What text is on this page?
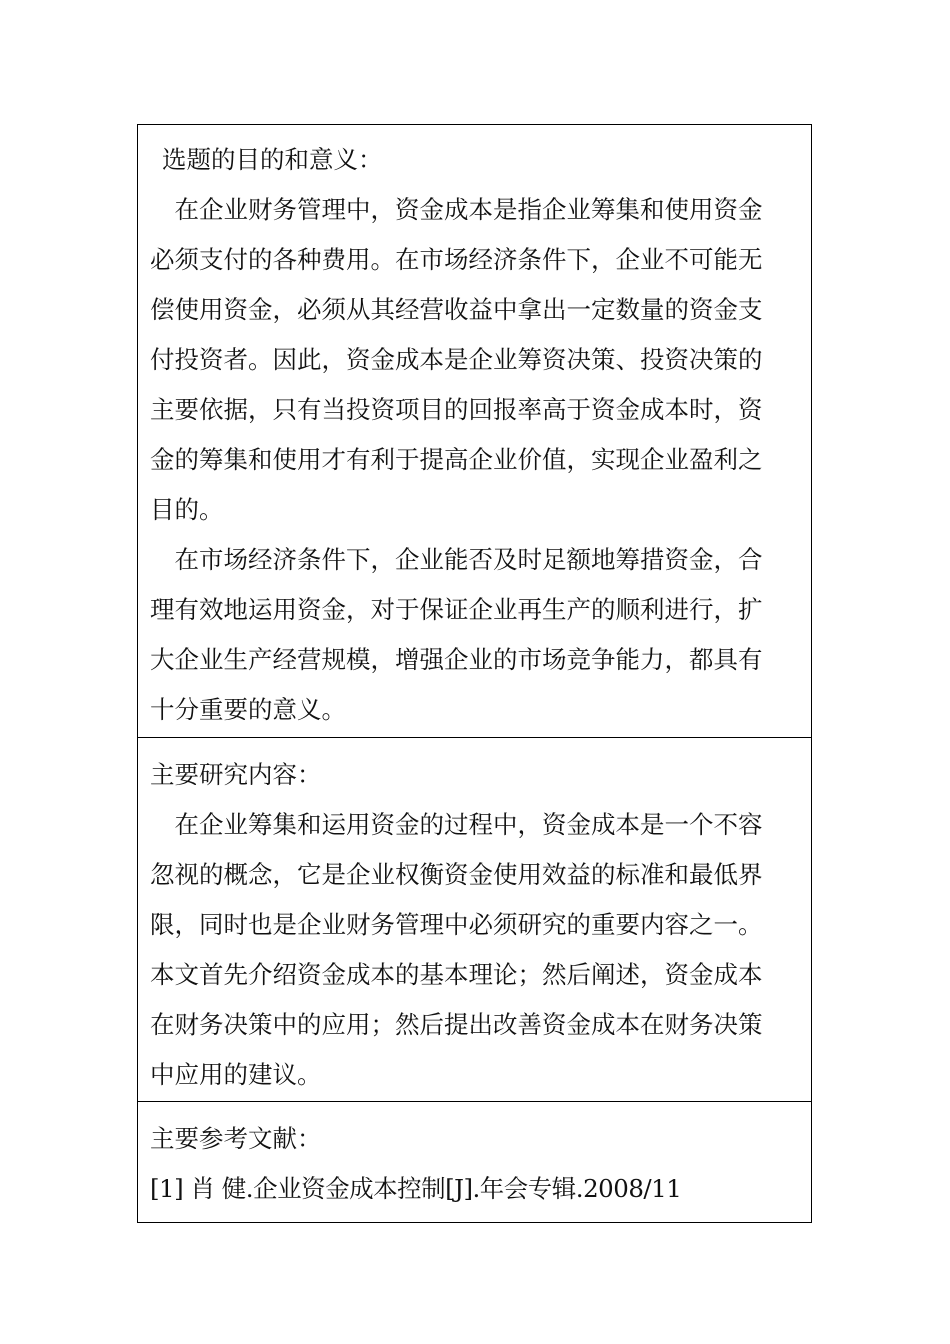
选题的目的和意义：
　在企业财务管理中，资金成本是指企业筹集和使用资金
必须支付的各种费用。在市场经济条件下，企业不可能无
偿使用资金，必须从其经营收益中拿出一定数量的资金支
付投资者。因此，资金成本是企业筹资决策、投资决策的
主要依据，只有当投资项目的回报率高于资金成本时，资
金的筹集和使用才有利于提高企业价值，实现企业盈利之
目的。
　在市场经济条件下，企业能否及时足额地筹措资金，合
理有效地运用资金，对于保证企业再生产的顺利进行，扩
大企业生产经营规模，增强企业的市场竞争能力，都具有
十分重要的意义。
主要研究内容：
　在企业筹集和运用资金的过程中，资金成本是一个不容
忽视的概念，它是企业权衡资金使用效益的标准和最低界
限，同时也是企业财务管理中必须研究的重要内容之一。
本文首先介绍资金成本的基本理论；然后阐述，资金成本
在财务决策中的应用；然后提出改善资金成本在财务决策
中应用的建议。
主要参考文献：
[1] 肖 健.企业资金成本控制[J].年会专辑.2008/11
